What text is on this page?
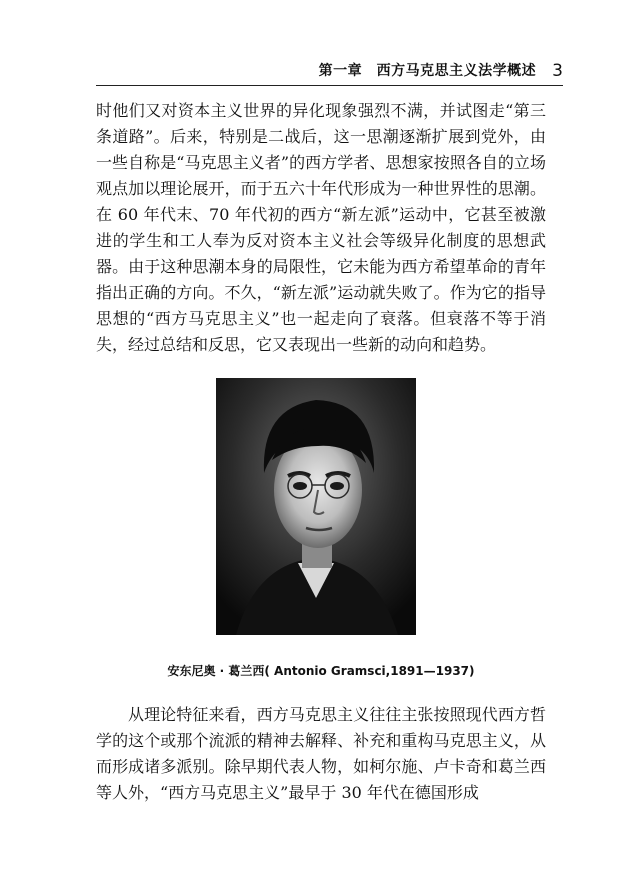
第一章　西方马克思主义法学概述 3

时他们又对资本主义世界的异化现象强烈不满，并试图走“第三条道路”。后来，特别是二战后，这一思潮逐渐扩展到党外，由一些自称是“马克思主义者”的西方学者、思想家按照各自的立场观点加以理论展开，而于五六十年代形成为一种世界性的思潮。在 60 年代末、70 年代初的西方“新左派”运动中，它甚至被激进的学生和工人奉为反对资本主义社会等级异化制度的思想武器。由于这种思潮本身的局限性，它未能为西方希望革命的青年指出正确的方向。不久，“新左派”运动就失败了。作为它的指导思想的“西方马克思主义”也一起走向了衰落。但衰落不等于消失，经过总结和反思，它又表现出一些新的动向和趋势。

安东尼奥 · 葛兰西( Antonio Gramsci,1891—1937)

从理论特征来看，西方马克思主义往往主张按照现代西方哲学的这个或那个流派的精神去解释、补充和重构马克思主义，从而形成诸多派别。除早期代表人物，如柯尔施、卢卡奇和葛兰西等人外，“西方马克思主义”最早于 30 年代在德国形成
